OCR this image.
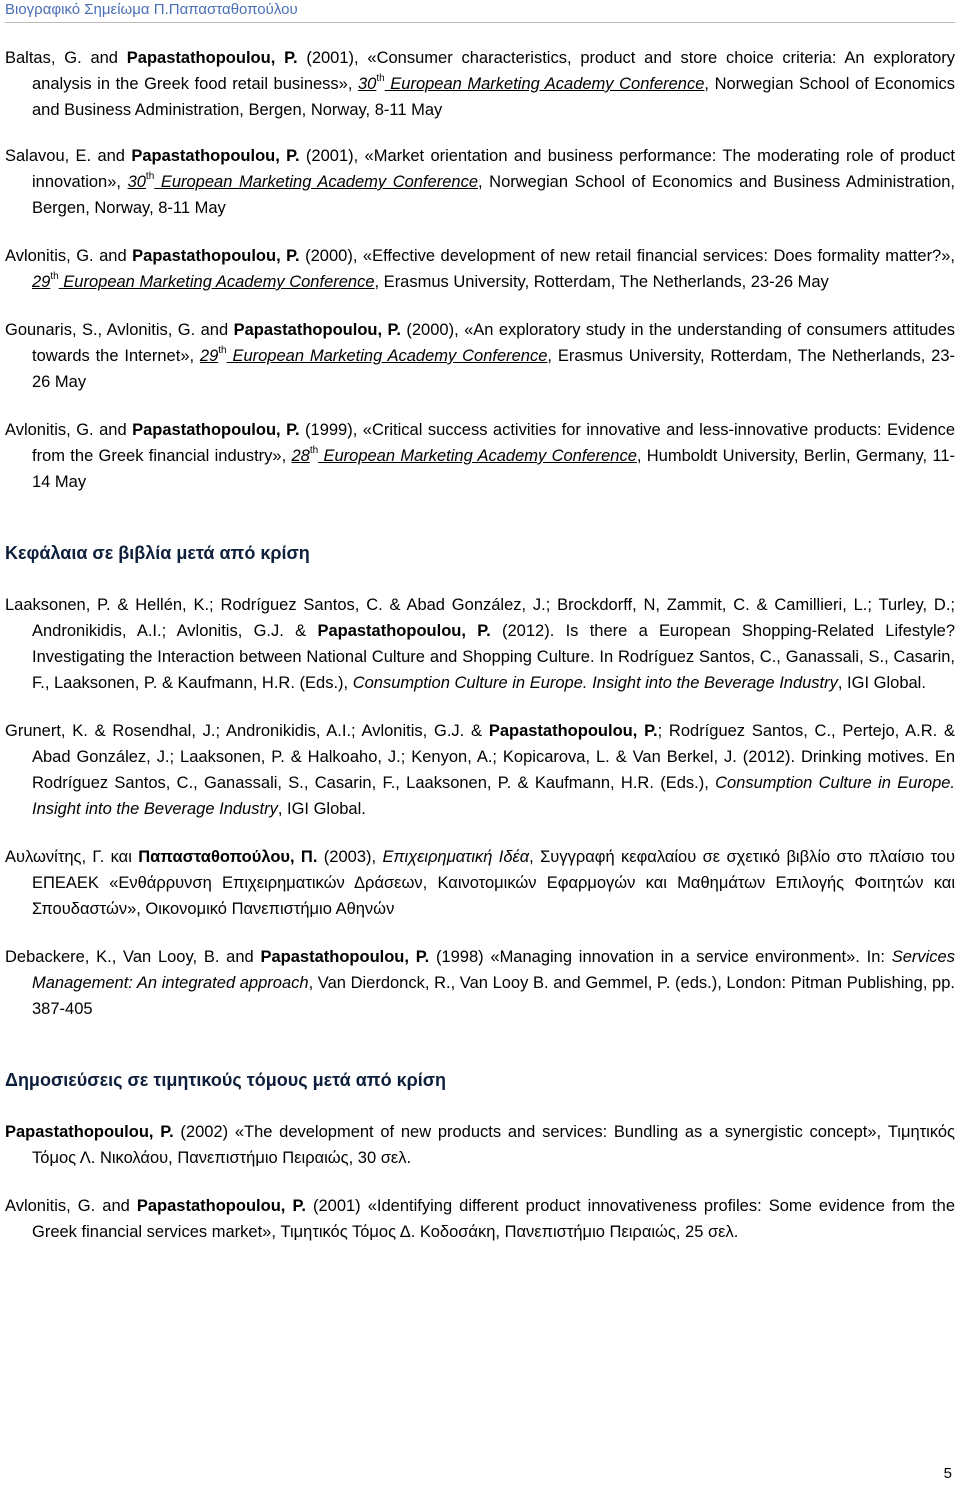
Βιογραφικό Σημείωμα Π.Παπασταθοπούλου
Baltas, G. and Papastathopoulou, P. (2001), «Consumer characteristics, product and store choice criteria: An exploratory analysis in the Greek food retail business», 30th European Marketing Academy Conference, Norwegian School of Economics and Business Administration, Bergen, Norway, 8-11 May
Salavou, E. and Papastathopoulou, P. (2001), «Market orientation and business performance: The moderating role of product innovation», 30th European Marketing Academy Conference, Norwegian School of Economics and Business Administration, Bergen, Norway, 8-11 May
Avlonitis, G. and Papastathopoulou, P. (2000), «Effective development of new retail financial services: Does formality matter?», 29th European Marketing Academy Conference, Erasmus University, Rotterdam, The Netherlands, 23-26 May
Gounaris, S., Avlonitis, G. and Papastathopoulou, P. (2000), «An exploratory study in the understanding of consumers attitudes towards the Internet», 29th European Marketing Academy Conference, Erasmus University, Rotterdam, The Netherlands, 23-26 May
Avlonitis, G. and Papastathopoulou, P. (1999), «Critical success activities for innovative and less-innovative products: Evidence from the Greek financial industry», 28th European Marketing Academy Conference, Humboldt University, Berlin, Germany, 11-14 May
Κεφάλαια σε βιβλία μετά από κρίση
Laaksonen, P. & Hellén, K.; Rodríguez Santos, C. & Abad González, J.; Brockdorff, N, Zammit, C. & Camillieri, L.; Turley, D.; Andronikidis, A.I.; Avlonitis, G.J. & Papastathopoulou, P. (2012). Is there a European Shopping-Related Lifestyle? Investigating the Interaction between National Culture and Shopping Culture. In Rodríguez Santos, C., Ganassali, S., Casarin, F., Laaksonen, P. & Kaufmann, H.R. (Eds.), Consumption Culture in Europe. Insight into the Beverage Industry, IGI Global.
Grunert, K. & Rosendhal, J.; Andronikidis, A.I.; Avlonitis, G.J. & Papastathopoulou, P.; Rodríguez Santos, C., Pertejo, A.R. & Abad González, J.; Laaksonen, P. & Halkoaho, J.; Kenyon, A.; Kopicarova, L. & Van Berkel, J. (2012). Drinking motives. En Rodríguez Santos, C., Ganassali, S., Casarin, F., Laaksonen, P. & Kaufmann, H.R. (Eds.), Consumption Culture in Europe. Insight into the Beverage Industry, IGI Global.
Αυλωνίτης, Γ. και Παπασταθοπούλου, Π. (2003), Επιχειρηματική Ιδέα, Συγγραφή κεφαλαίου σε σχετικό βιβλίο στο πλαίσιο του ΕΠΕΑΕΚ «Ενθάρρυνση Επιχειρηματικών Δράσεων, Καινοτομικών Εφαρμογών και Μαθημάτων Επιλογής Φοιτητών και Σπουδαστών», Οικονομικό Πανεπιστήμιο Αθηνών
Debackere, K., Van Looy, B. and Papastathopoulou, P. (1998) «Managing innovation in a service environment». In: Services Management: An integrated approach, Van Dierdonck, R., Van Looy B. and Gemmel, P. (eds.), London: Pitman Publishing, pp. 387-405
Δημοσιεύσεις σε τιμητικούς τόμους μετά από κρίση
Papastathopoulou, P. (2002) «The development of new products and services: Bundling as a synergistic concept», Τιμητικός Τόμος Λ. Νικολάου, Πανεπιστήμιο Πειραιώς, 30 σελ.
Avlonitis, G. and Papastathopoulou, P. (2001) «Identifying different product innovativeness profiles: Some evidence from the Greek financial services market», Τιμητικός Τόμος Δ. Κοδοσάκη, Πανεπιστήμιο Πειραιώς, 25 σελ.
5
